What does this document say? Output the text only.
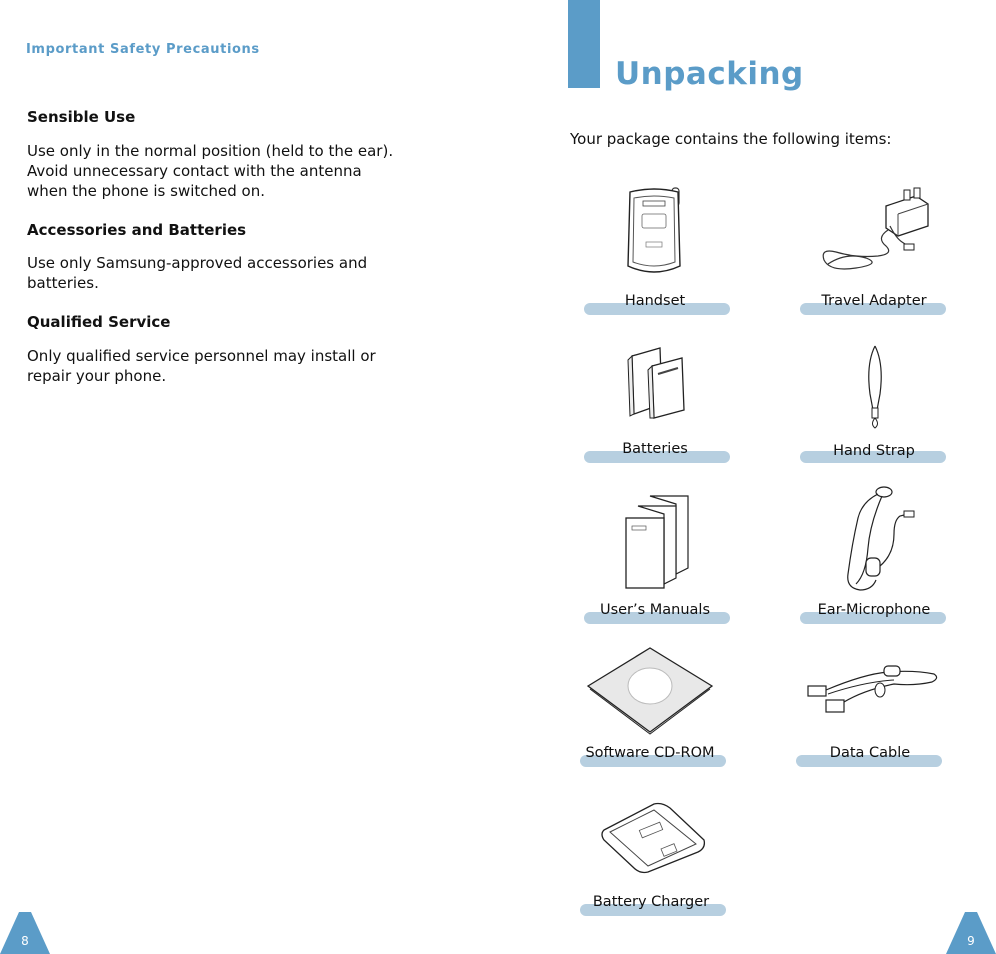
Important Safety Precautions
Sensible Use
Use only in the normal position (held to the ear).
Avoid unnecessary contact with the antenna
when the phone is switched on.
Accessories and Batteries
Use only Samsung-approved accessories and
batteries.
Qualified Service
Only qualified service personnel may install or
repair your phone.
8
Unpacking
Your package contains the following items:
Handset	Travel Adapter
Batteries	Hand Strap
User’s Manuals	Ear-Microphone
Software CD-ROM	Data Cable
Battery Charger
9
